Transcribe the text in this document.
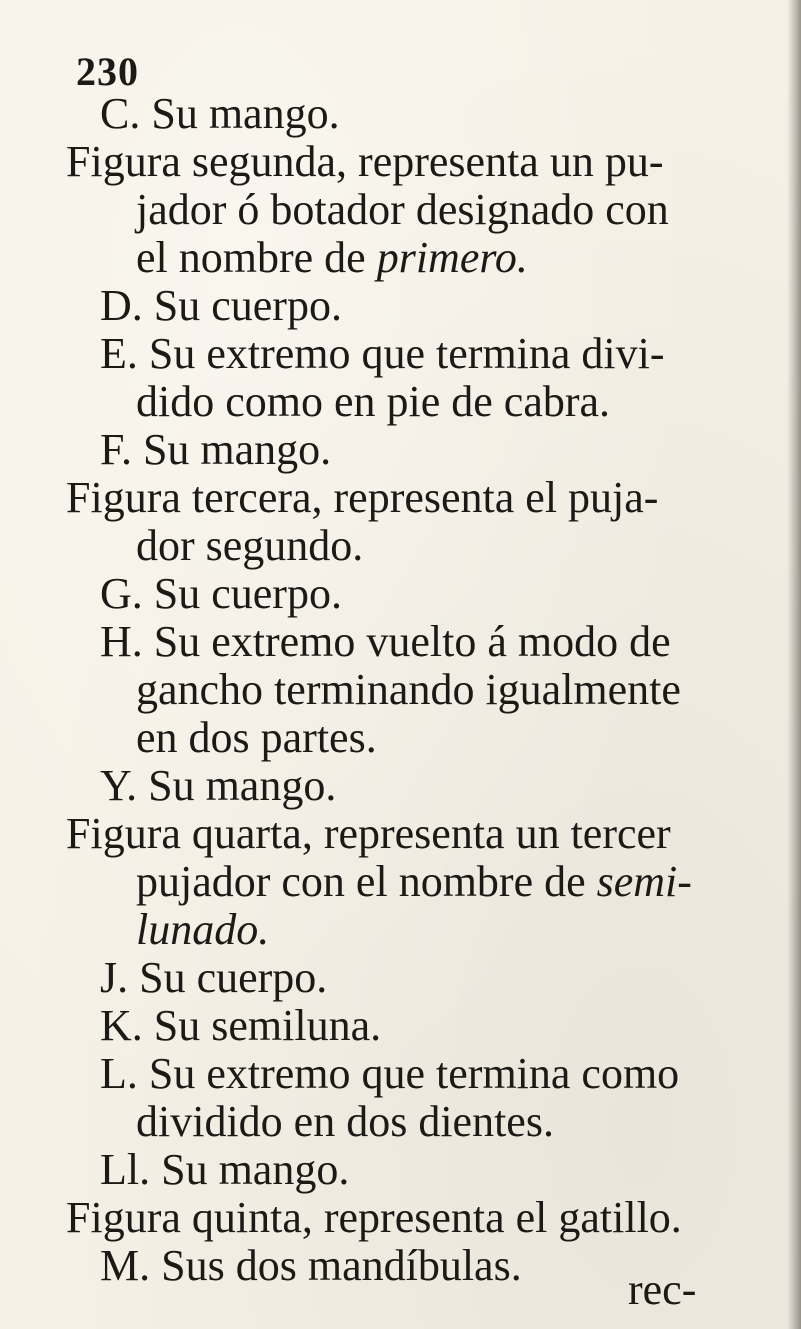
230
C. Su mango.
Figura segunda, representa un pu-
jador ó botador designado con
el nombre de primero.
D. Su cuerpo.
E. Su extremo que termina divi-
dido como en pie de cabra.
F. Su mango.
Figura tercera, representa el puja-
dor segundo.
G. Su cuerpo.
H. Su extremo vuelto á modo de
gancho terminando igualmente
en dos partes.
Y. Su mango.
Figura quarta, representa un tercer
pujador con el nombre de semi-
lunado.
J. Su cuerpo.
K. Su semiluna.
L. Su extremo que termina como
dividido en dos dientes.
Ll. Su mango.
Figura quinta, representa el gatillo.
M. Sus dos mandíbulas. rec-
